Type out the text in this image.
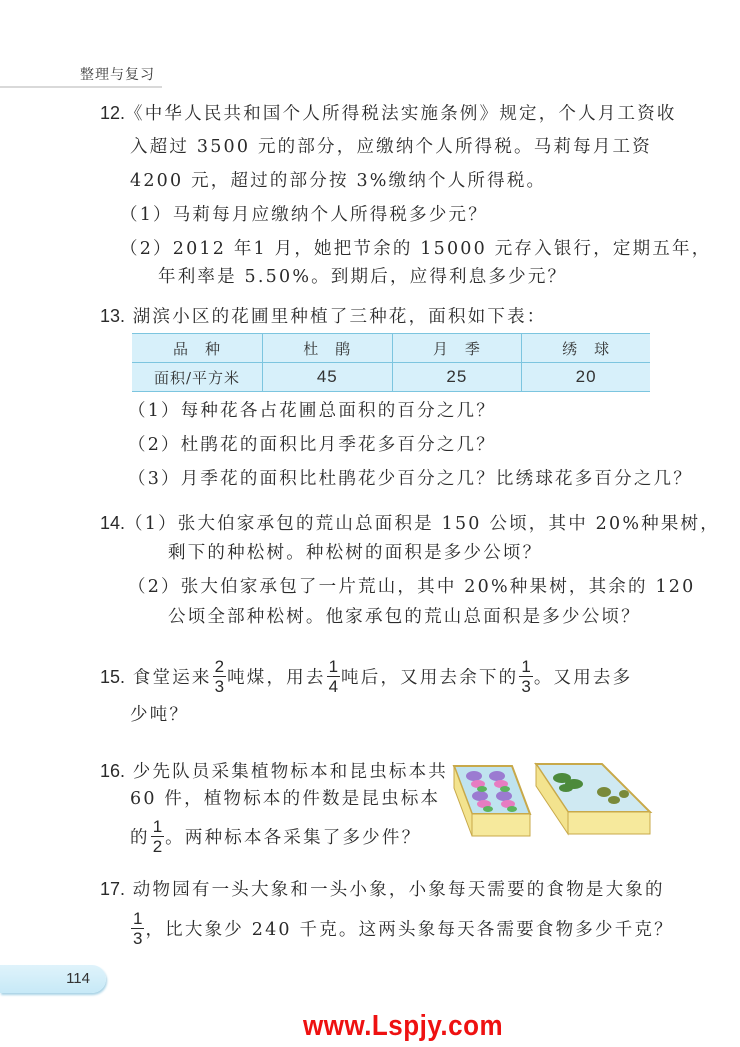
整理与复习
12.《中华人民共和国个人所得税法实施条例》规定，个人月工资收
入超过 3500 元的部分，应缴纳个人所得税。马莉每月工资
4200 元，超过的部分按 3%缴纳个人所得税。
（1）马莉每月应缴纳个人所得税多少元？
（2）2012 年1 月，她把节余的 15000 元存入银行，定期五年，
年利率是 5.50%。到期后，应得利息多少元？
13. 湖滨小区的花圃里种植了三种花，面积如下表：
品　种	杜　鹃	月　季	绣　球
面积/平方米	45	25	20
（1）每种花各占花圃总面积的百分之几？
（2）杜鹃花的面积比月季花多百分之几？
（3）月季花的面积比杜鹃花少百分之几？比绣球花多百分之几？
14.（1）张大伯家承包的荒山总面积是 150 公顷，其中 20%种果树，
剩下的种松树。种松树的面积是多少公顷？
（2）张大伯家承包了一片荒山，其中 20%种果树，其余的 120
公顷全部种松树。他家承包的荒山总面积是多少公顷？
15. 食堂运来 $\frac{2}{3}$ 吨煤，用去 $\frac{1}{4}$ 吨后，又用去余下的 $\frac{1}{3}$ 。又用去多
少吨？
16. 少先队员采集植物标本和昆虫标本共
60 件，植物标本的件数是昆虫标本
的 $\frac{1}{2}$ 。两种标本各采集了多少件？
17. 动物园有一头大象和一头小象，小象每天需要的食物是大象的
$\frac{1}{3}$ ，比大象少 240 千克。这两头象每天各需要食物多少千克？
114
www.Lspjy.com
